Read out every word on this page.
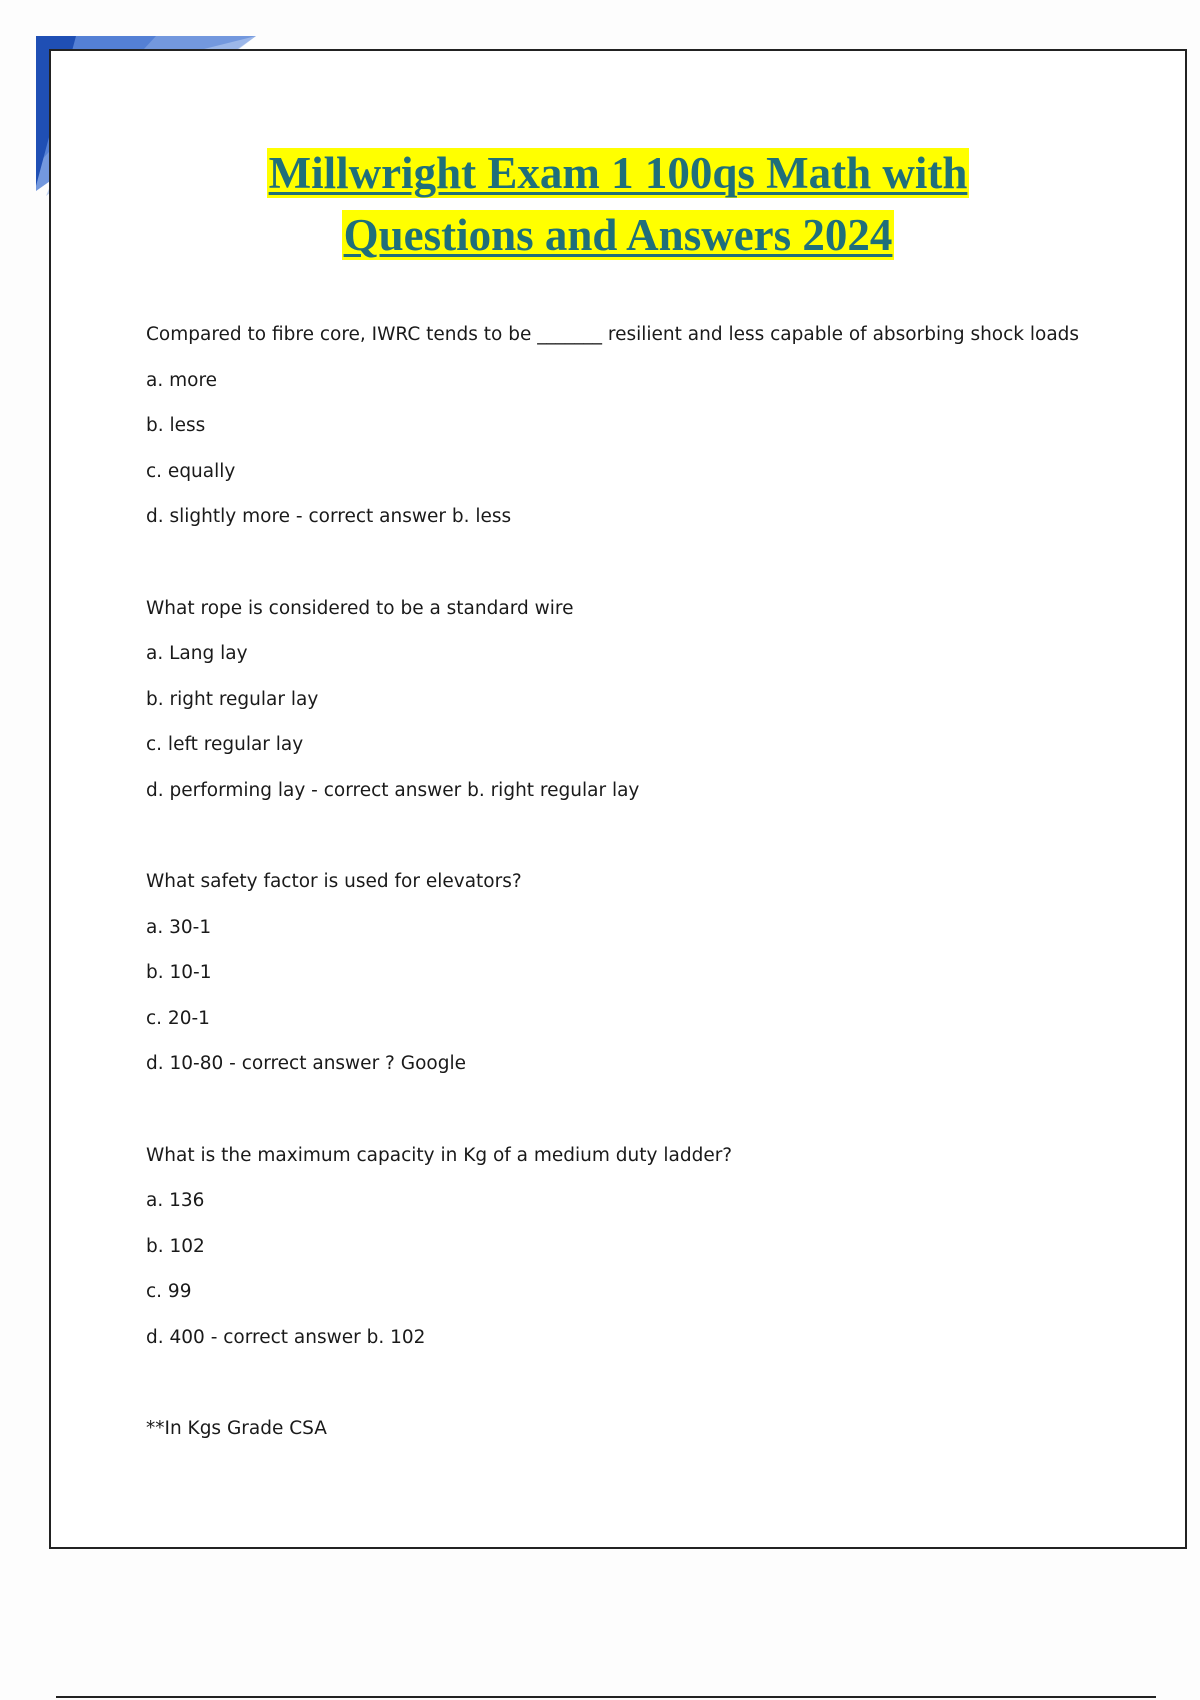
Millwright Exam 1 100qs Math with
Questions and Answers 2024
Compared to fibre core, IWRC tends to be _______ resilient and less capable of absorbing shock loads
a. more
b. less
c. equally
d. slightly more - correct answer b. less
What rope is considered to be a standard wire
a. Lang lay
b. right regular lay
c. left regular lay
d. performing lay - correct answer b. right regular lay
What safety factor is used for elevators?
a. 30-1
b. 10-1
c. 20-1
d. 10-80 - correct answer ? Google
What is the maximum capacity in Kg of a medium duty ladder?
a. 136
b. 102
c. 99
d. 400 - correct answer b. 102
**In Kgs Grade CSA
